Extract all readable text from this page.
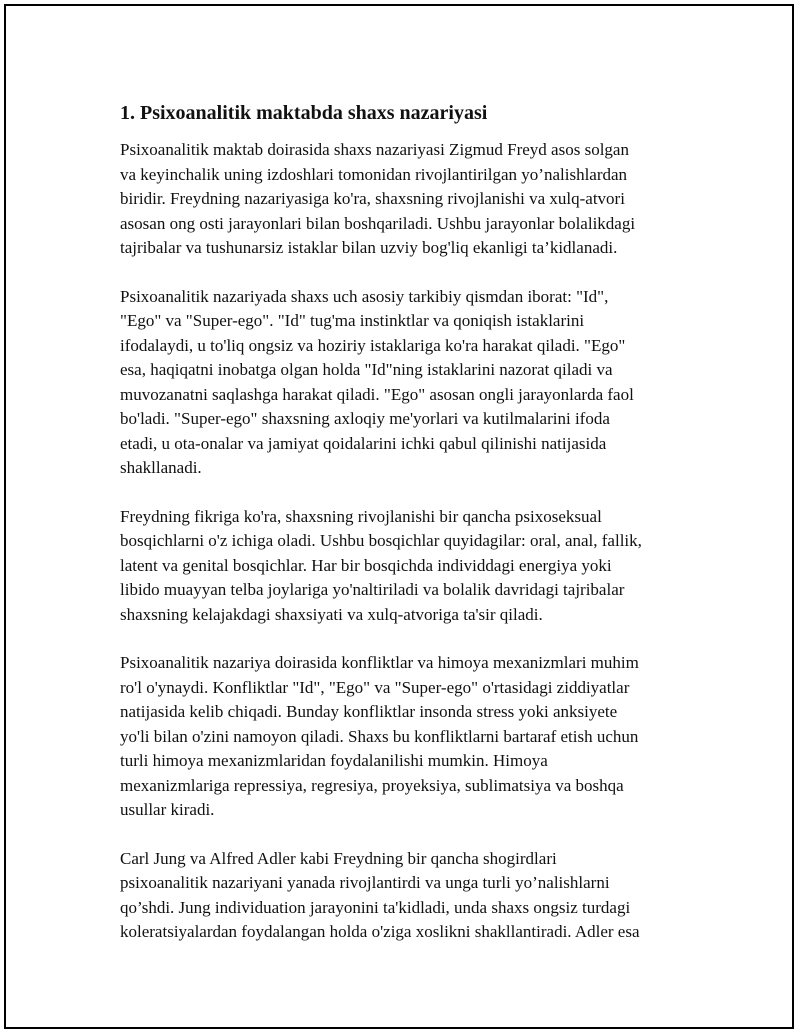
1. Psixoanalitik maktabda shaxs nazariyasi

Psixoanalitik maktab doirasida shaxs nazariyasi Zigmud Freyd asos solgan
va keyinchalik uning izdoshlari tomonidan rivojlantirilgan yo’nalishlardan
biridir. Freydning nazariyasiga ko'ra, shaxsning rivojlanishi va xulq-atvori
asosan ong osti jarayonlari bilan boshqariladi. Ushbu jarayonlar bolalikdagi
tajribalar va tushunarsiz istaklar bilan uzviy bog'liq ekanligi ta’kidlanadi.

Psixoanalitik nazariyada shaxs uch asosiy tarkibiy qismdan iborat: "Id",
"Ego" va "Super-ego". "Id" tug'ma instinktlar va qoniqish istaklarini
ifodalaydi, u to'liq ongsiz va hoziriy istaklariga ko'ra harakat qiladi. "Ego"
esa, haqiqatni inobatga olgan holda "Id"ning istaklarini nazorat qiladi va
muvozanatni saqlashga harakat qiladi. "Ego" asosan ongli jarayonlarda faol
bo'ladi. "Super-ego" shaxsning axloqiy me'yorlari va kutilmalarini ifoda
etadi, u ota-onalar va jamiyat qoidalarini ichki qabul qilinishi natijasida
shakllanadi.

Freydning fikriga ko'ra, shaxsning rivojlanishi bir qancha psixoseksual
bosqichlarni o'z ichiga oladi. Ushbu bosqichlar quyidagilar: oral, anal, fallik,
latent va genital bosqichlar. Har bir bosqichda individdagi energiya yoki
libido muayyan telba joylariga yo'naltiriladi va bolalik davridagi tajribalar
shaxsning kelajakdagi shaxsiyati va xulq-atvoriga ta'sir qiladi.

Psixoanalitik nazariya doirasida konfliktlar va himoya mexanizmlari muhim
ro'l o'ynaydi. Konfliktlar "Id", "Ego" va "Super-ego" o'rtasidagi ziddiyatlar
natijasida kelib chiqadi. Bunday konfliktlar insonda stress yoki anksiyete
yo'li bilan o'zini namoyon qiladi. Shaxs bu konfliktlarni bartaraf etish uchun
turli himoya mexanizmlaridan foydalanilishi mumkin. Himoya
mexanizmlariga repressiya, regresiya, proyeksiya, sublimatsiya va boshqa
usullar kiradi.

Carl Jung va Alfred Adler kabi Freydning bir qancha shogirdlari
psixoanalitik nazariyani yanada rivojlantirdi va unga turli yo’nalishlarni
qo’shdi. Jung individuation jarayonini ta'kidladi, unda shaxs ongsiz turdagi
koleratsiyalardan foydalangan holda o'ziga xoslikni shakllantiradi. Adler esa
